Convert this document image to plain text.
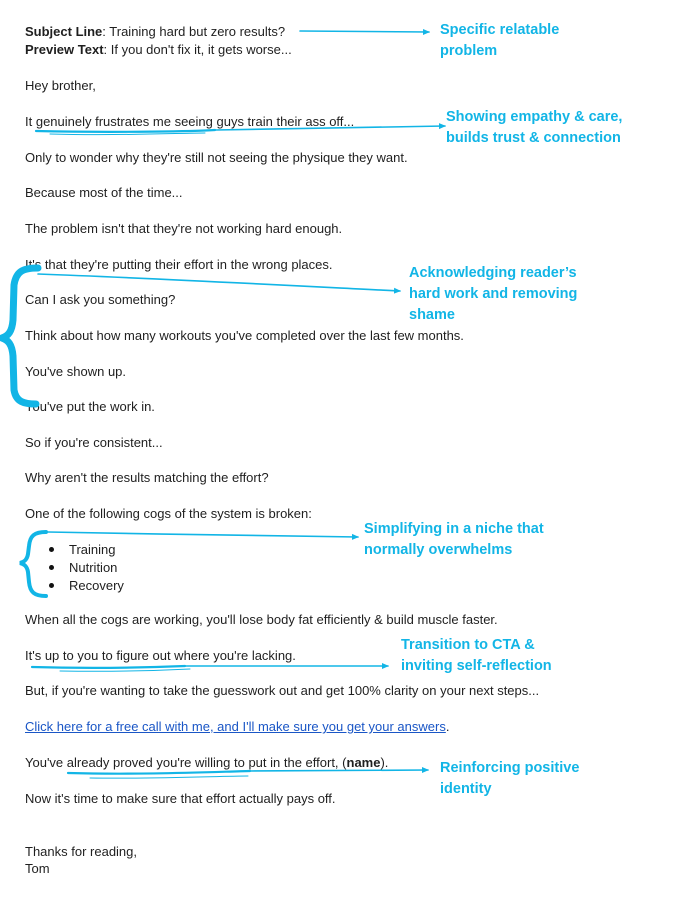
Subject Line: Training hard but zero results?
Preview Text: If you don't fix it, it gets worse...
Hey brother,
It genuinely frustrates me seeing guys train their ass off...
Only to wonder why they're still not seeing the physique they want.
Because most of the time...
The problem isn't that they're not working hard enough.
It's that they're putting their effort in the wrong places.
Can I ask you something?
Think about how many workouts you've completed over the last few months.
You've shown up.
You've put the work in.
So if you're consistent...
Why aren't the results matching the effort?
One of the following cogs of the system is broken:
Training
Nutrition
Recovery
When all the cogs are working, you'll lose body fat efficiently & build muscle faster.
It's up to you to figure out where you're lacking.
But, if you're wanting to take the guesswork out and get 100% clarity on your next steps...
Click here for a free call with me, and I'll make sure you get your answers.
You've already proved you're willing to put in the effort, (name).
Now it's time to make sure that effort actually pays off.
Thanks for reading,
Tom
Specific relatable
problem
Showing empathy & care,
builds trust & connection
Acknowledging reader’s
hard work and removing
shame
Simplifying in a niche that
normally overwhelms
Transition to CTA &
inviting self-reflection
Reinforcing positive
identity
